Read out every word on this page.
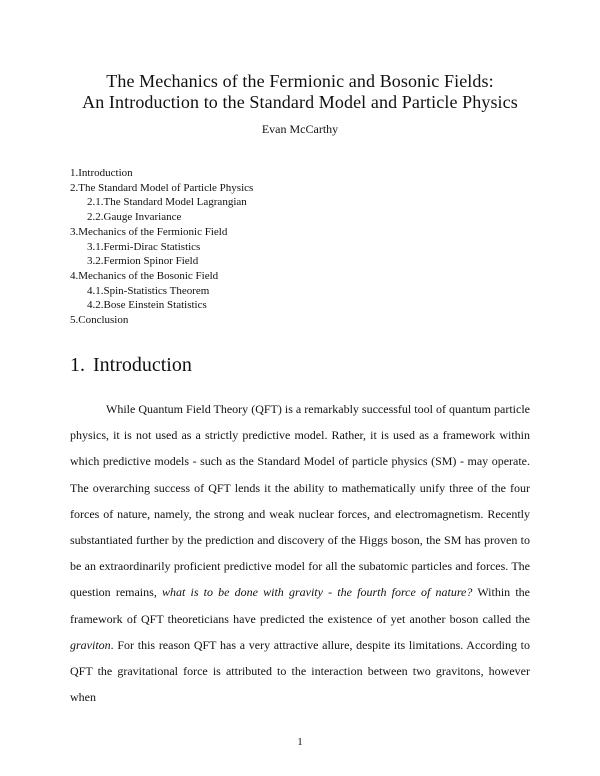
The Mechanics of the Fermionic and Bosonic Fields:
An Introduction to the Standard Model and Particle Physics
Evan McCarthy
1.Introduction
2.The Standard Model of Particle Physics
2.1.The Standard Model Lagrangian
2.2.Gauge Invariance
3.Mechanics of the Fermionic Field
3.1.Fermi-Dirac Statistics
3.2.Fermion Spinor Field
4.Mechanics of the Bosonic Field
4.1.Spin-Statistics Theorem
4.2.Bose Einstein Statistics
5.Conclusion
1. Introduction
While Quantum Field Theory (QFT) is a remarkably successful tool of quantum particle
physics, it is not used as a strictly predictive model. Rather, it is used as a framework within
which predictive models - such as the Standard Model of particle physics (SM) - may operate.
The overarching success of QFT lends it the ability to mathematically unify three of the four
forces of nature, namely, the strong and weak nuclear forces, and electromagnetism. Recently
substantiated further by the prediction and discovery of the Higgs boson, the SM has proven to
be an extraordinarily proficient predictive model for all the subatomic particles and forces. The
question remains, what is to be done with gravity - the fourth force of nature? Within the
framework of QFT theoreticians have predicted the existence of yet another boson called the
graviton. For this reason QFT has a very attractive allure, despite its limitations. According to
QFT the gravitational force is attributed to the interaction between two gravitons, however when
1
